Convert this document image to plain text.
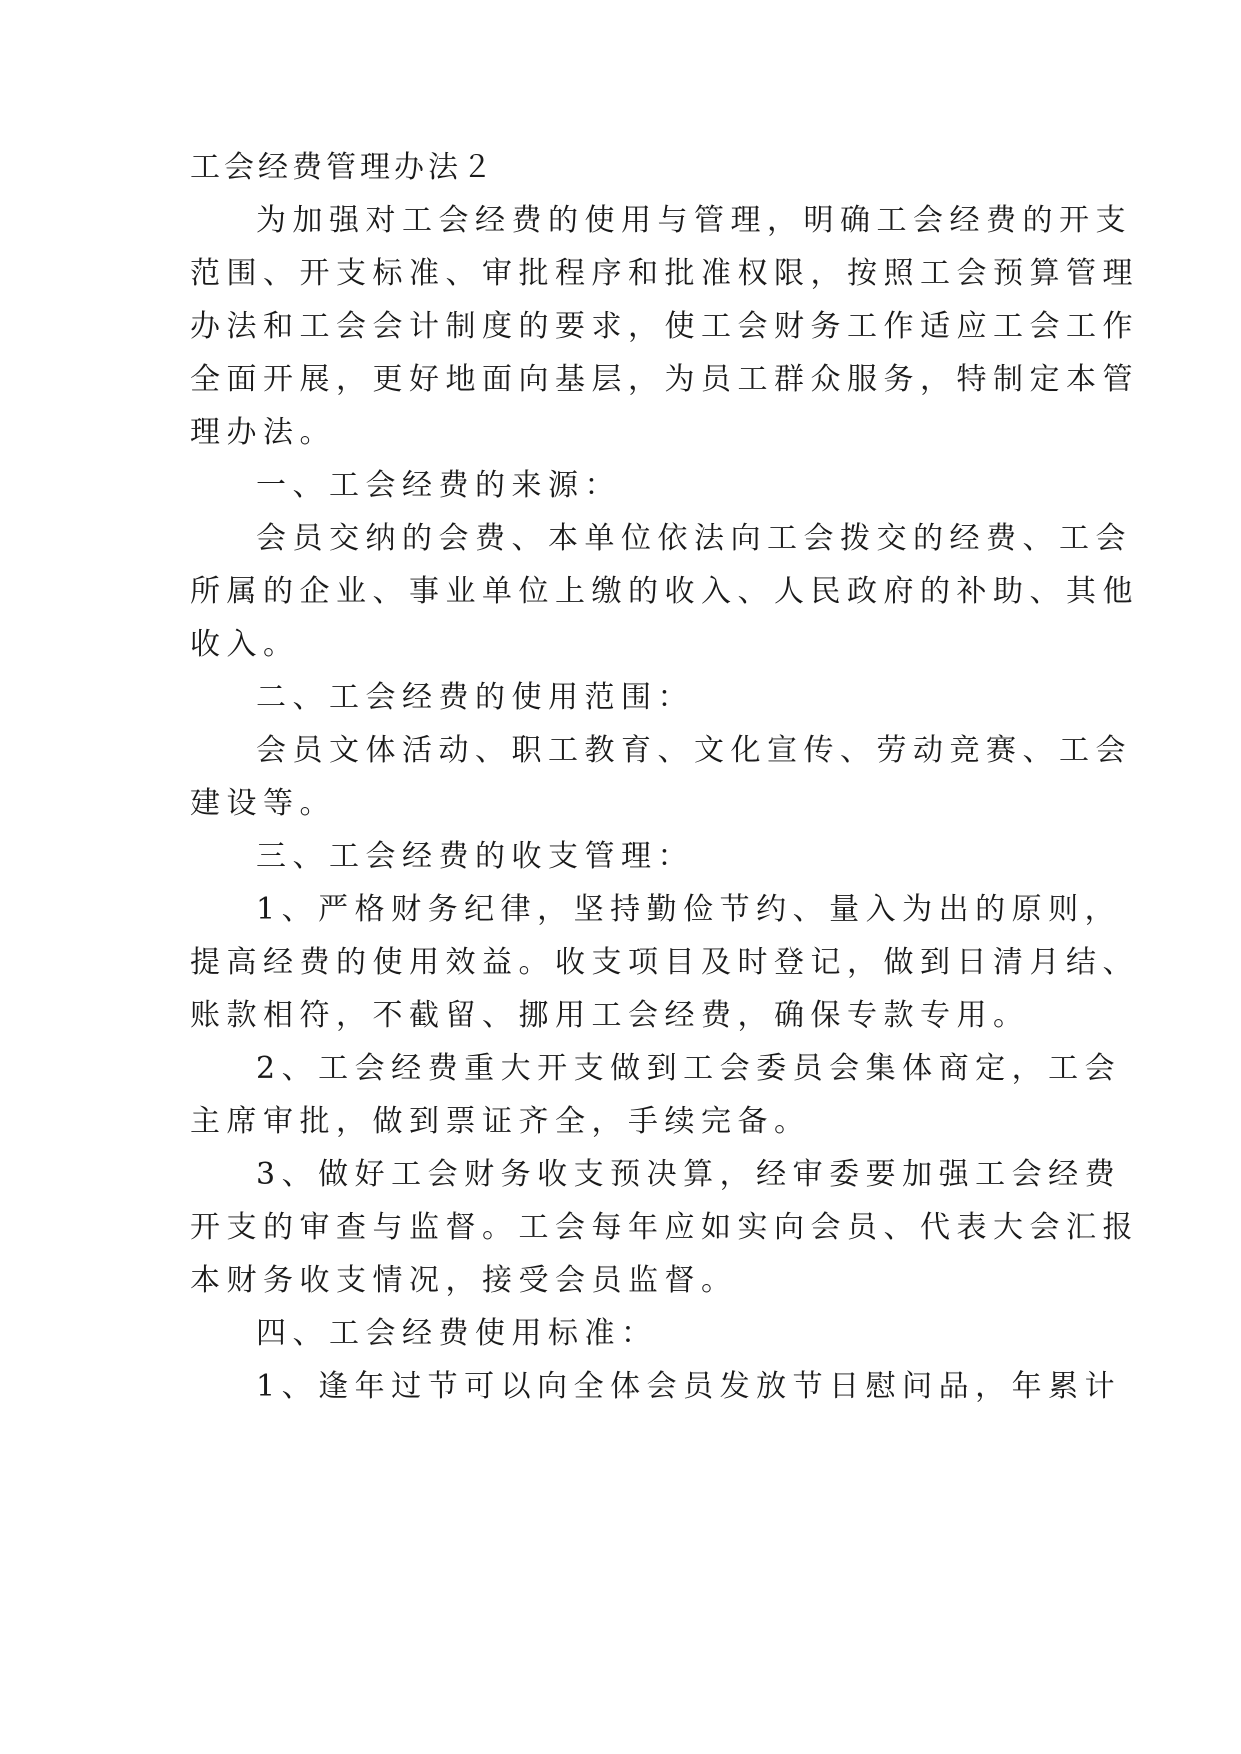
工会经费管理办法２
为加强对工会经费的使用与管理，明确工会经费的开支
范围、开支标准、审批程序和批准权限，按照工会预算管理
办法和工会会计制度的要求，使工会财务工作适应工会工作
全面开展，更好地面向基层，为员工群众服务，特制定本管
理办法。
一、工会经费的来源：
会员交纳的会费、本单位依法向工会拨交的经费、工会
所属的企业、事业单位上缴的收入、人民政府的补助、其他
收入。
二、工会经费的使用范围：
会员文体活动、职工教育、文化宣传、劳动竞赛、工会
建设等。
三、工会经费的收支管理：
1、严格财务纪律，坚持勤俭节约、量入为出的原则，
提高经费的使用效益。收支项目及时登记，做到日清月结、
账款相符，不截留、挪用工会经费，确保专款专用。
2、工会经费重大开支做到工会委员会集体商定，工会
主席审批，做到票证齐全，手续完备。
3、做好工会财务收支预决算，经审委要加强工会经费
开支的审查与监督。工会每年应如实向会员、代表大会汇报
本财务收支情况，接受会员监督。
四、工会经费使用标准：
1、逢年过节可以向全体会员发放节日慰问品，年累计
